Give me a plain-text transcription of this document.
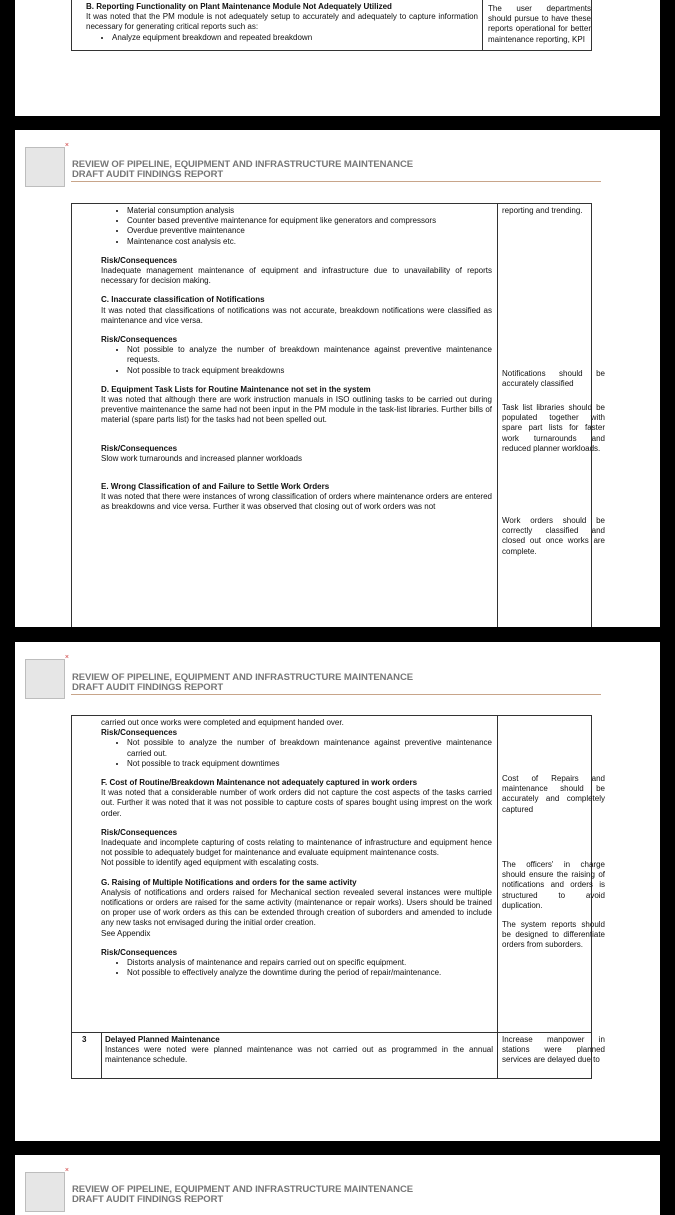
B. Reporting Functionality on Plant Maintenance Module Not Adequately Utilized

It was noted that the PM module is not adequately setup to accurately and adequately to capture information necessary for generating critical reports such as:

• Analyze equipment breakdown and repeated breakdown
The user departments should pursue to have these reports operational for better maintenance reporting, KPI
×
REVIEW OF PIPELINE, EQUIPMENT AND INFRASTRUCTURE MAINTENANCE
DRAFT AUDIT FINDINGS REPORT
• Material consumption analysis
• Counter based preventive maintenance for equipment like generators and compressors
• Overdue preventive maintenance
• Maintenance cost analysis etc.

Risk/Consequences

Inadequate management maintenance of equipment and infrastructure due to unavailability of reports necessary for decision making.

C. Inaccurate classification of Notifications

It was noted that classifications of notifications was not accurate, breakdown notifications were classified as maintenance and vice versa.

Risk/Consequences

• Not possible to analyze the number of breakdown maintenance against preventive maintenance requests.
• Not possible to track equipment breakdowns

D. Equipment Task Lists for Routine Maintenance not set in the system

It was noted that although there are work instruction manuals in ISO outlining tasks to be carried out during preventive maintenance the same had not been input in the PM module in the task-list libraries. Further bills of material (spare parts list) for the tasks had not been spelled out.

Risk/Consequences

Slow work turnarounds and increased planner workloads

E. Wrong Classification of and Failure to Settle Work Orders

It was noted that there were instances of wrong classification of orders where maintenance orders are entered as breakdowns and vice versa. Further it was observed that closing out of work orders was not

reporting and trending.
Notifications should be accurately classified
Task list libraries should be populated together with spare part lists for faster work turnarounds and reduced planner workloads.
Work orders should be correctly classified and closed out once works are complete.
×
REVIEW OF PIPELINE, EQUIPMENT AND INFRASTRUCTURE MAINTENANCE
DRAFT AUDIT FINDINGS REPORT

carried out once works were completed and equipment handed over.

Risk/Consequences

• Not possible to analyze the number of breakdown maintenance against preventive maintenance carried out.
• Not possible to track equipment downtimes

F. Cost of Routine/Breakdown Maintenance not adequately captured in work orders

It was noted that a considerable number of work orders did not capture the cost aspects of the tasks carried out. Further it was noted that it was not possible to capture costs of spares bought using imprest on the work order.

Risk/Consequences

Inadequate and incomplete capturing of costs relating to maintenance of infrastructure and equipment hence not possible to adequately budget for maintenance and evaluate equipment maintenance costs.

Not possible to identify aged equipment with escalating costs.

G. Raising of Multiple Notifications and orders for the same activity

Analysis of notifications and orders raised for Mechanical section revealed several instances were multiple notifications or orders are raised for the same activity (maintenance or repair works). Users should be trained on proper use of work orders as this can be extended through creation of suborders and amended to include any new tasks not envisaged during the initial order creation.

See Appendix

Risk/Consequences

• Distorts analysis of maintenance and repairs carried out on specific equipment.
• Not possible to effectively analyze the downtime during the period of repair/maintenance.
3	Delayed Planned Maintenance

Instances were noted were planned maintenance was not carried out as programmed in the annual maintenance schedule.

Cost of Repairs and maintenance should be accurately and completely captured
The officers' in charge should ensure the raising of notifications and orders is structured to avoid duplication.
The system reports should be designed to differentiate orders from suborders.
Increase manpower in stations were planned services are delayed due to
×
REVIEW OF PIPELINE, EQUIPMENT AND INFRASTRUCTURE MAINTENANCE
DRAFT AUDIT FINDINGS REPORT
